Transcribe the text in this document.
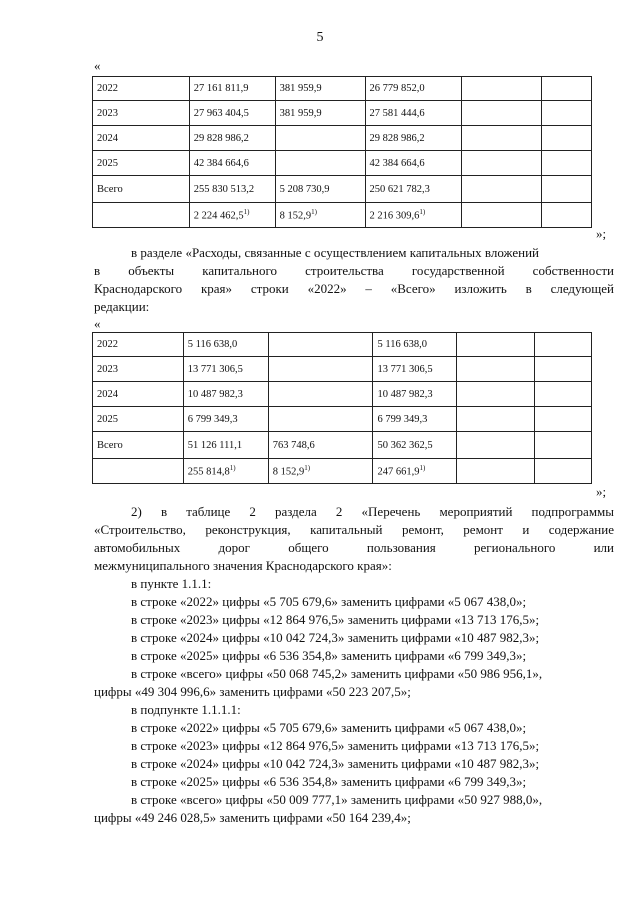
5
«
2022	27 161 811,9	381 959,9	26 779 852,0		
2023	27 963 404,5	381 959,9	27 581 444,6		
2024	29 828 986,2		29 828 986,2		
2025	42 384 664,6		42 384 664,6		
Всего	255 830 513,2	5 208 730,9	250 621 782,3		
	2 224 462,5$^{1)}$	8 152,9$^{1)}$	2 216 309,6$^{1)}$		
»;
в разделе «Расходы, связанные с осуществлением капитальных вложений
в объекты капитального строительства государственной собственности
Краснодарского края» строки «2022» – «Всего» изложить в следующей
редакции:
«
2022	5 116 638,0		5 116 638,0		
2023	13 771 306,5		13 771 306,5		
2024	10 487 982,3		10 487 982,3		
2025	6 799 349,3		6 799 349,3		
Всего	51 126 111,1	763 748,6	50 362 362,5		
	255 814,8$^{1)}$	8 152,9$^{1)}$	247 661,9$^{1)}$		
»;
2) в таблице 2 раздела 2 «Перечень мероприятий подпрограммы
«Строительство, реконструкция, капитальный ремонт, ремонт и содержание
автомобильных дорог общего пользования регионального или
межмуниципального значения Краснодарского края»:
в пункте 1.1.1:
в строке «2022» цифры «5 705 679,6» заменить цифрами «5 067 438,0»;
в строке «2023» цифры «12 864 976,5» заменить цифрами «13 713 176,5»;
в строке «2024» цифры «10 042 724,3» заменить цифрами «10 487 982,3»;
в строке «2025» цифры «6 536 354,8» заменить цифрами «6 799 349,3»;
в строке «всего» цифры «50 068 745,2» заменить цифрами «50 986 956,1»,
цифры «49 304 996,6» заменить цифрами «50 223 207,5»;
в подпункте 1.1.1.1:
в строке «2022» цифры «5 705 679,6» заменить цифрами «5 067 438,0»;
в строке «2023» цифры «12 864 976,5» заменить цифрами «13 713 176,5»;
в строке «2024» цифры «10 042 724,3» заменить цифрами «10 487 982,3»;
в строке «2025» цифры «6 536 354,8» заменить цифрами «6 799 349,3»;
в строке «всего» цифры «50 009 777,1» заменить цифрами «50 927 988,0»,
цифры «49 246 028,5» заменить цифрами «50 164 239,4»;
